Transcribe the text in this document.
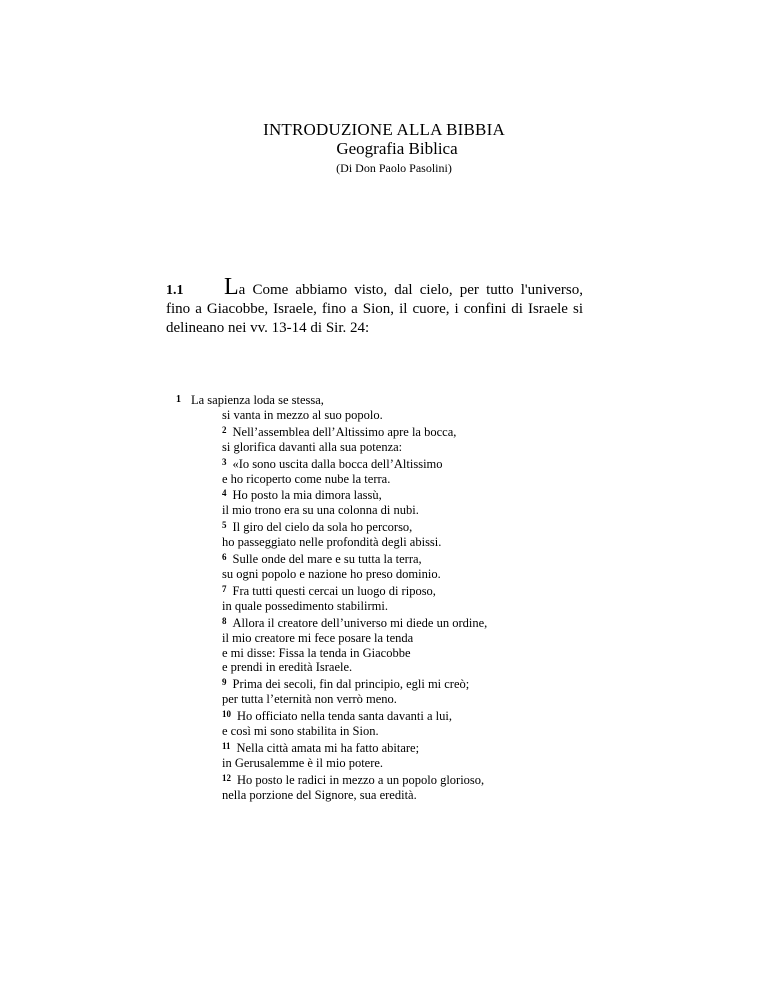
INTRODUZIONE ALLA BIBBIA
Geografia Biblica
(Di Don Paolo Pasolini)
1.1 La Come abbiamo visto, dal cielo, per tutto l'universo, fino a Giacobbe, Israele, fino a Sion, il cuore, i confini di Israele si delineano nei vv. 13-14 di Sir. 24:
1 La sapienza loda se stessa,
si vanta in mezzo al suo popolo.
$^2$ Nell’assemblea dell’Altissimo apre la bocca,
si glorifica davanti alla sua potenza:
$^3$ «Io sono uscita dalla bocca dell’Altissimo
e ho ricoperto come nube la terra.
$^4$ Ho posto la mia dimora lassù,
il mio trono era su una colonna di nubi.
$^5$ Il giro del cielo da sola ho percorso,
ho passeggiato nelle profondità degli abissi.
$^6$ Sulle onde del mare e su tutta la terra,
su ogni popolo e nazione ho preso dominio.
$^7$ Fra tutti questi cercai un luogo di riposo,
in quale possedimento stabilirmi.
$^8$ Allora il creatore dell’universo mi diede un ordine,
il mio creatore mi fece posare la tenda
e mi disse: Fissa la tenda in Giacobbe
e prendi in eredità Israele.
$^9$ Prima dei secoli, fin dal principio, egli mi creò;
per tutta l’eternità non verrò meno.
$^{10}$ Ho officiato nella tenda santa davanti a lui,
e così mi sono stabilita in Sion.
$^{11}$ Nella città amata mi ha fatto abitare;
in Gerusalemme è il mio potere.
$^{12}$ Ho posto le radici in mezzo a un popolo glorioso,
nella porzione del Signore, sua eredità.
